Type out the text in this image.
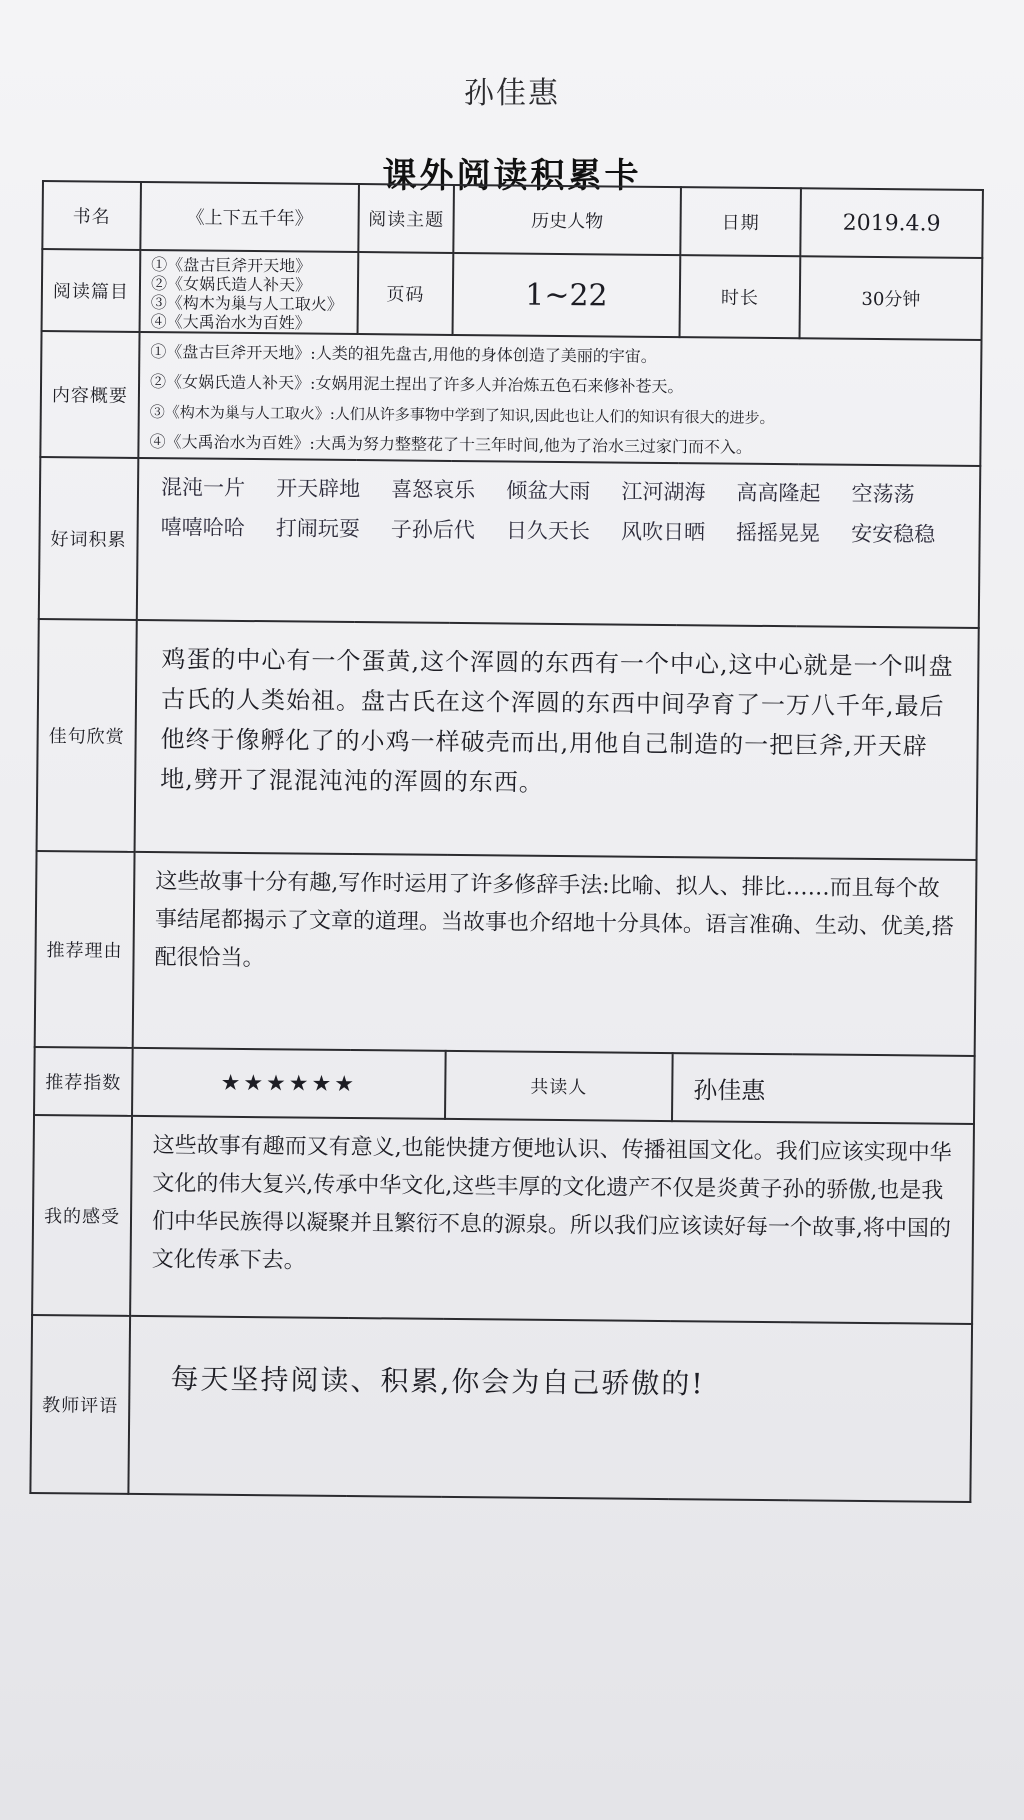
孙佳惠
课外阅读积累卡
书名	《上下五千年》	阅读主题	历史人物	日期	2019.4.9
阅读篇目	①《盘古巨斧开天地》
②《女娲氏造人补天》
③《构木为巢与人工取火》
④《大禹治水为百姓》	页码	1~22	时长	30分钟
内容概要	①《盘古巨斧开天地》:人类的祖先盘古,用他的身体创造了美丽的宇宙。
②《女娲氏造人补天》:女娲用泥土捏出了许多人并冶炼五色石来修补苍天。
③《构木为巢与人工取火》:人们从许多事物中学到了知识,因此也让人们的知识有很大的进步。
④《大禹治水为百姓》:大禹为努力整整花了十三年时间,他为了治水三过家门而不入。				

好词积累	混沌一片 开天辟地 喜怒哀乐 倾盆大雨 江河湖海 高高隆起 空荡荡 嘻嘻哈哈 打闹玩耍 子孙后代 日久天长 风吹日晒 摇摇晃晃 安安稳稳				
佳句欣赏	鸡蛋的中心有一个蛋黄,这个浑圆的东西有一个中心,这中心就是一个叫盘古氏的人类始祖。盘古氏在这个浑圆的东西中间孕育了一万八千年,最后他终于像孵化了的小鸡一样破壳而出,用他自己制造的一把巨斧,开天辟地,劈开了混混沌沌的浑圆的东西。				
推荐理由	这些故事十分有趣,写作时运用了许多修辞手法:比喻、拟人、排比……而且每个故事结尾都揭示了文章的道理。当故事也介绍地十分具体。语言准确、生动、优美,搭配很恰当。				
推荐指数	★★★★★★		共读人	孙佳惠	
我的感受	这些故事有趣而又有意义,也能快捷方便地认识、传播祖国文化。我们应该实现中华文化的伟大复兴,传承中华文化,这些丰厚的文化遗产不仅是炎黄子孙的骄傲,也是我们中华民族得以凝聚并且繁衍不息的源泉。所以我们应该读好每一个故事,将中国的文化传承下去。				
教师评语	每天坚持阅读、积累,你会为自己骄傲的!				
